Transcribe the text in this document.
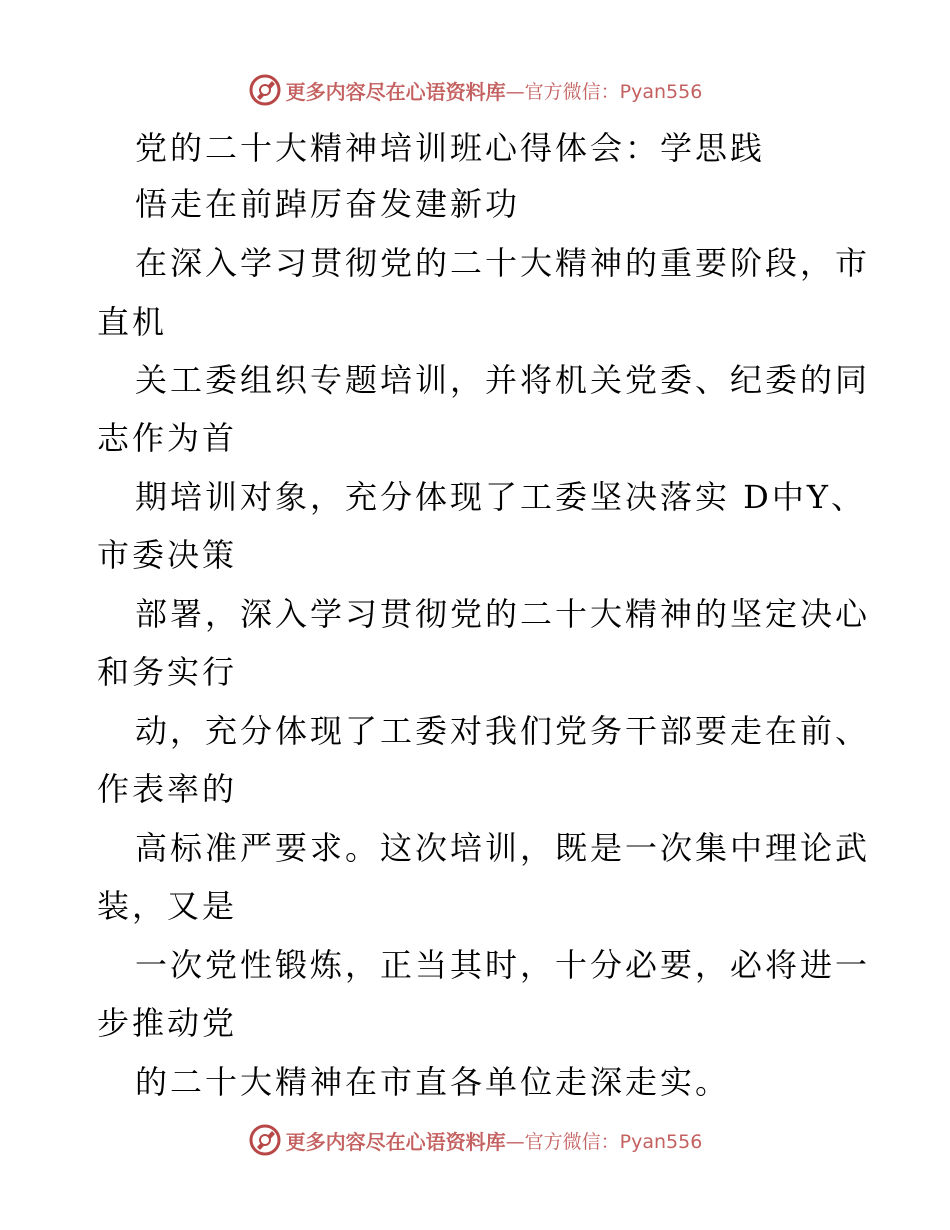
更多内容尽在心语资料库 —官方微信：Pyan556
党的二十大精神培训班心得体会：学思践
悟走在前踔厉奋发建新功
在深入学习贯彻党的二十大精神的重要阶段，市
直机
关工委组织专题培训，并将机关党委、纪委的同
志作为首
期培训对象，充分体现了工委坚决落实 D中Y、
市委决策
部署，深入学习贯彻党的二十大精神的坚定决心
和务实行
动，充分体现了工委对我们党务干部要走在前、
作表率的
高标准严要求。这次培训，既是一次集中理论武
装，又是
一次党性锻炼，正当其时，十分必要，必将进一
步推动党
的二十大精神在市直各单位走深走实。
更多内容尽在心语资料库 —官方微信：Pyan556
